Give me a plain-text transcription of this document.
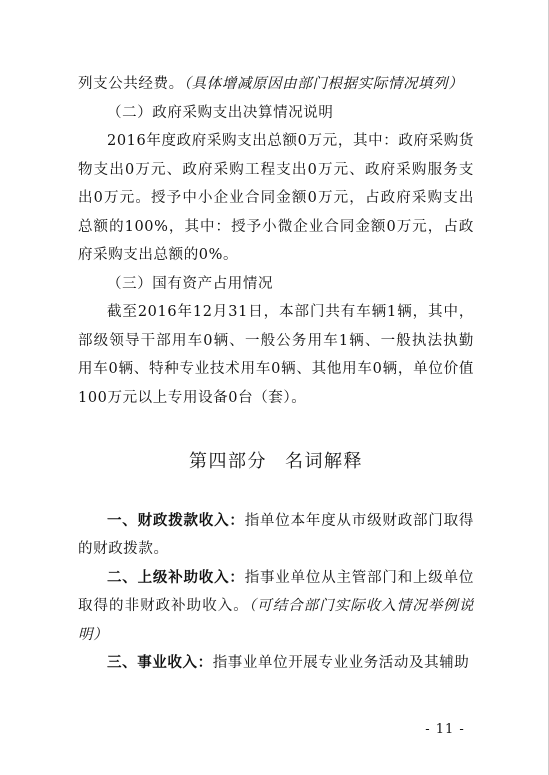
列支公共经费。（具体增减原因由部门根据实际情况填列）

（二）政府采购支出决算情况说明

2016年度政府采购支出总额0万元，其中：政府采购货物支出0万元、政府采购工程支出0万元、政府采购服务支出0万元。授予中小企业合同金额0万元，占政府采购支出总额的100%，其中：授予小微企业合同金额0万元，占政府采购支出总额的0%。

（三）国有资产占用情况

截至2016年12月31日，本部门共有车辆1辆，其中，部级领导干部用车0辆、一般公务用车1辆、一般执法执勤用车0辆、特种专业技术用车0辆、其他用车0辆，单位价值100万元以上专用设备0台（套）。

第四部分 名词解释

一、财政拨款收入：指单位本年度从市级财政部门取得的财政拨款。

二、上级补助收入：指事业单位从主管部门和上级单位取得的非财政补助收入。（可结合部门实际收入情况举例说明）

三、事业收入：指事业单位开展专业业务活动及其辅助

- 11 -
